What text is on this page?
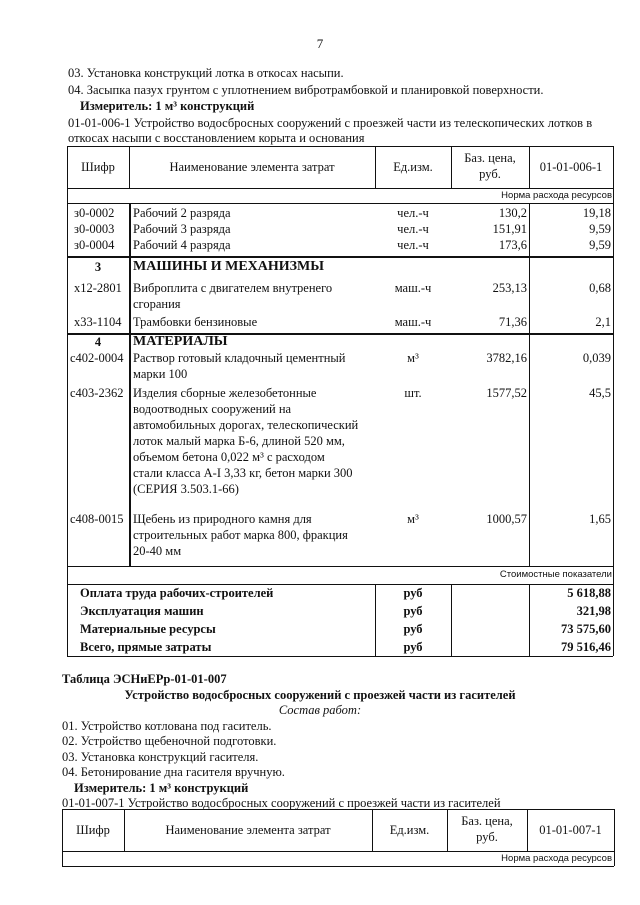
7
03. Установка конструкций лотка в откосах насыпи.
04. Засыпка пазух грунтом с уплотнением вибротрамбовкой и планировкой поверхности.
Измеритель: 1 м³ конструкций
01-01-006-1 Устройство водосбросных сооружений с проезжей части из телескопических лотков в
откосах насыпи с восстановлением корыта и основания
Шифр	Наименование элемента затрат	Ед.изм.
Баз. цена,
руб.	01-01-006-1
Норма расхода ресурсов
з0-0002 Рабочий 2 разряда	чел.-ч	130,2	19,18
з0-0003 Рабочий 3 разряда	чел.-ч	151,91	9,59
з0-0004 Рабочий 4 разряда	чел.-ч	173,6	9,59
3	МАШИНЫ И МЕХАНИЗМЫ
х12-2801 Виброплита с двигателем внутренего
сгорания
маш.-ч	253,13	0,68
х33-1104 Трамбовки бензиновые	маш.-ч	71,36	2,1
4	МАТЕРИАЛЫ
с402-0004 Раствор готовый кладочный цементный
марки 100
м³	3782,16	0,039
с403-2362 Изделия сборные железобетонные
водоотводных сооружений на
автомобильных дорогах, телескопический
лоток малый марка Б-6, длиной 520 мм,
объемом бетона 0,022 м³ с расходом
стали класса А-I 3,33 кг, бетон марки 300
(СЕРИЯ 3.503.1-66)
шт.	1577,52	45,5
с408-0015 Щебень из природного камня для
строительных работ марка 800, фракция
20-40 мм
м³	1000,57	1,65
Стоимостные показатели
Оплата труда рабочих-строителей	руб	5 618,88
Эксплуатация машин	руб	321,98
Материальные ресурсы	руб	73 575,60
Всего, прямые затраты	руб	79 516,46
Таблица ЭСНиЕРр-01-01-007
Устройство водосбросных сооружений с проезжей части из гасителей
Состав работ:
01. Устройство котлована под гаситель.
02. Устройство щебеночной подготовки.
03. Установка конструкций гасителя.
04. Бетонирование дна гасителя вручную.
Измеритель: 1 м³ конструкций
01-01-007-1 Устройство водосбросных сооружений с проезжей части из гасителей
Шифр	Наименование элемента затрат	Ед.изм.
Баз. цена,
руб.	01-01-007-1
Норма расхода ресурсов
